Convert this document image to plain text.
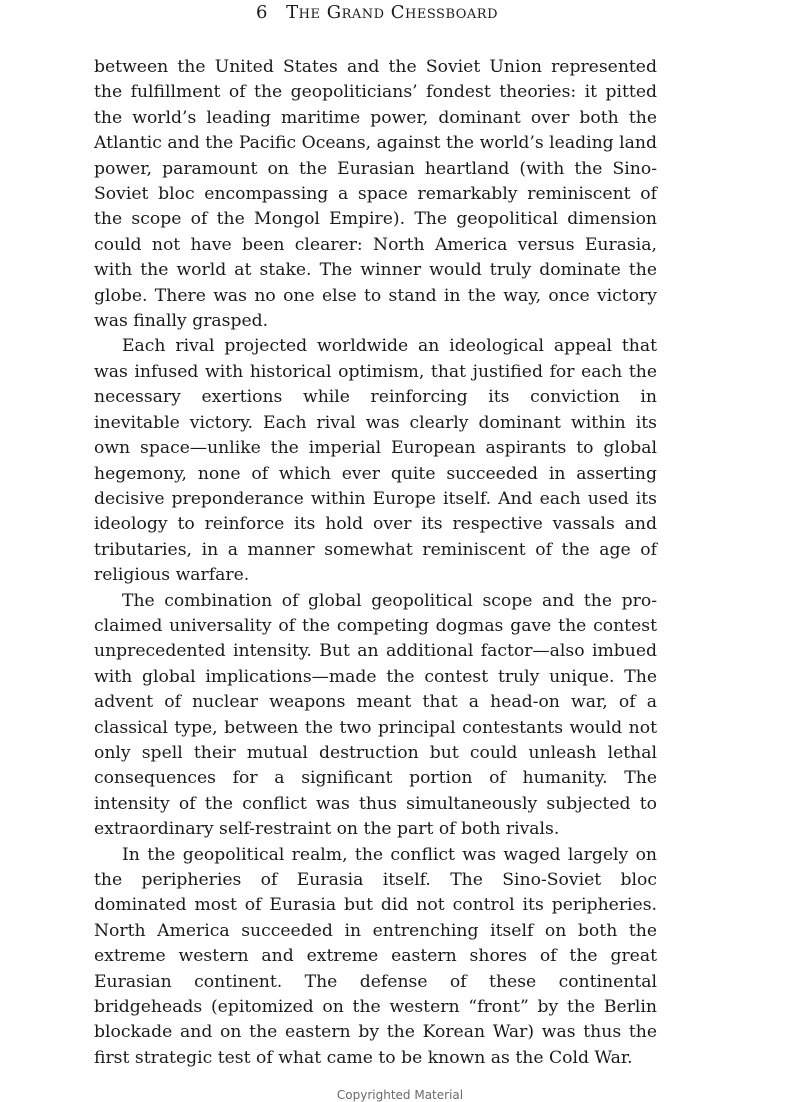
6 The Grand Chessboard

between the United States and the Soviet Union represented the fulfillment of the geopoliticians’ fondest theories: it pitted the world’s leading maritime power, dominant over both the Atlantic and the Pacific Oceans, against the world’s leading land power, paramount on the Eurasian heartland (with the Sino-Soviet bloc encompassing a space remarkably reminiscent of the scope of the Mongol Empire). The geopolitical dimension could not have been clearer: North America versus Eurasia, with the world at stake. The winner would truly dominate the globe. There was no one else to stand in the way, once victory was finally grasped.

Each rival projected worldwide an ideological appeal that was infused with historical optimism, that justified for each the necessary exertions while reinforcing its conviction in inevitable victory. Each rival was clearly dominant within its own space—unlike the imperial European aspirants to global hegemony, none of which ever quite succeeded in asserting decisive preponderance within Europe itself. And each used its ideology to reinforce its hold over its respective vassals and tributaries, in a manner somewhat reminiscent of the age of religious warfare.

The combination of global geopolitical scope and the proclaimed universality of the competing dogmas gave the contest unprecedented intensity. But an additional factor—also imbued with global implications—made the contest truly unique. The advent of nuclear weapons meant that a head-on war, of a classical type, between the two principal contestants would not only spell their mutual destruction but could unleash lethal consequences for a significant portion of humanity. The intensity of the conflict was thus simultaneously subjected to extraordinary self-restraint on the part of both rivals.

In the geopolitical realm, the conflict was waged largely on the peripheries of Eurasia itself. The Sino-Soviet bloc dominated most of Eurasia but did not control its peripheries. North America succeeded in entrenching itself on both the extreme western and extreme eastern shores of the great Eurasian continent. The defense of these continental bridgeheads (epitomized on the western “front” by the Berlin blockade and on the eastern by the Korean War) was thus the first strategic test of what came to be known as the Cold War.

Copyrighted Material
